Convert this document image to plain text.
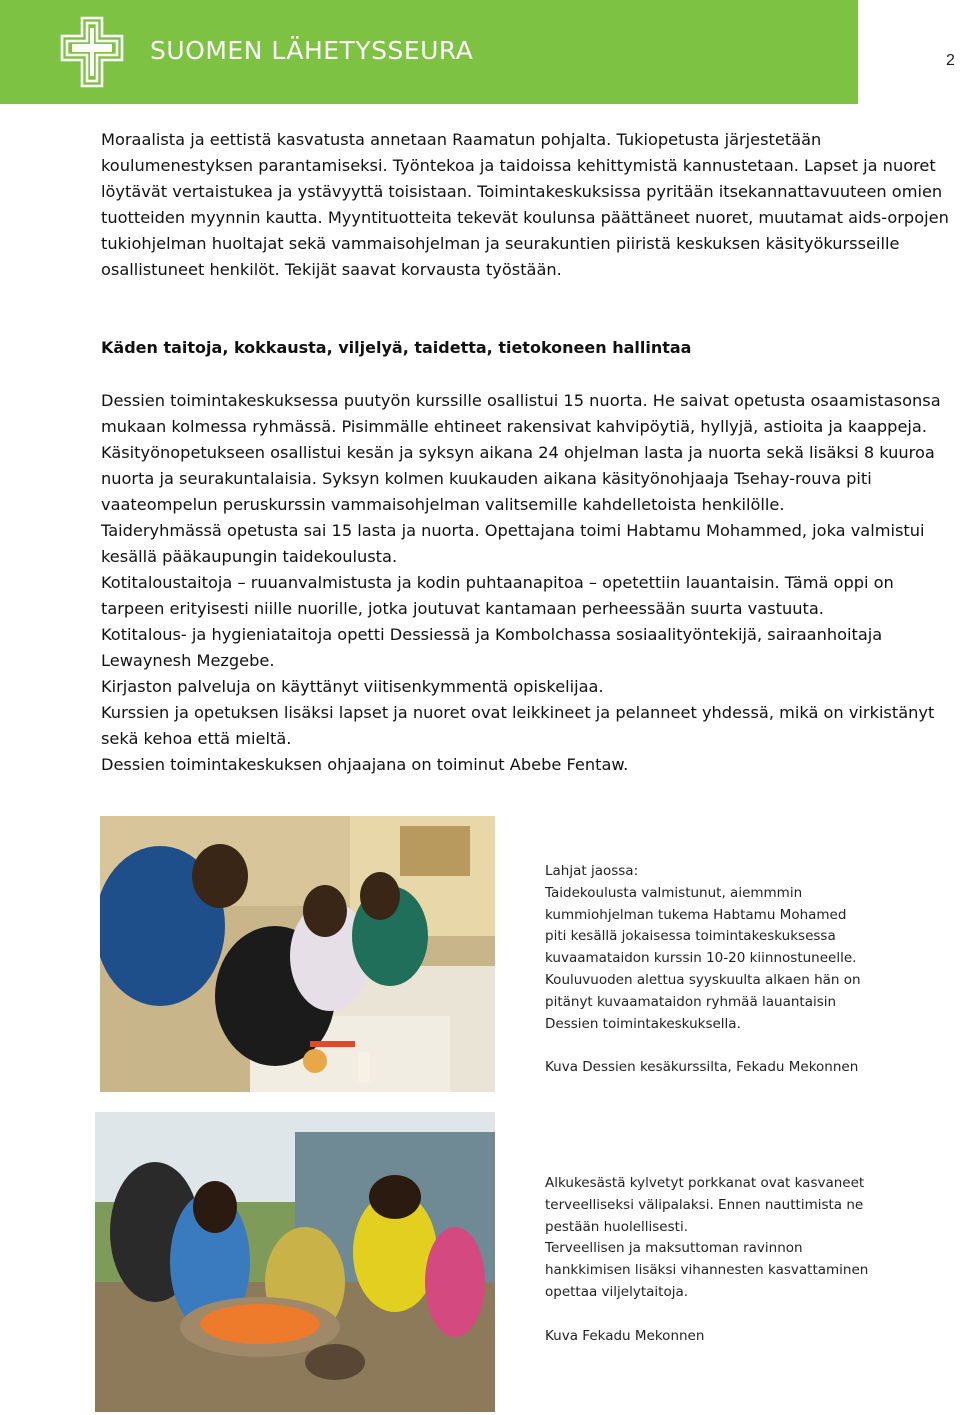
SUOMEN LÄHETYSSEURA	2
Moraalista ja eettistä kasvatusta annetaan Raamatun pohjalta. Tukiopetusta järjestetään koulumenestyksen parantamiseksi. Työntekoa ja taidoissa kehittymistä kannustetaan. Lapset ja nuoret löytävät vertaistukea ja ystävyyttä toisistaan. Toimintakeskuksissa pyritään itsekannattavuuteen omien tuotteiden myynnin kautta. Myyntituotteita tekevät koulunsa päättäneet nuoret, muutamat aids-orpojen tukiohjelman huoltajat sekä vammaisohjelman ja seurakuntien piiristä keskuksen käsityökursseille osallistuneet henkilöt. Tekijät saavat korvausta työstään.
Käden taitoja, kokkausta, viljelyä, taidetta, tietokoneen hallintaa

Dessien toimintakeskuksessa puutyön kurssille osallistui 15 nuorta. He saivat opetusta osaamistasonsa mukaan kolmessa ryhmässä. Pisimmälle ehtineet rakensivat kahvipöytiä, hyllyjä, astioita ja kaappeja.

Käsityönopetukseen osallistui kesän ja syksyn aikana 24 ohjelman lasta ja nuorta sekä lisäksi 8 kuuroa nuorta ja seurakuntalaisia. Syksyn kolmen kuukauden aikana käsityönohjaaja Tsehay-rouva piti vaateompelun peruskurssin vammaisohjelman valitsemille kahdelletoista henkilölle.

Taideryhmässä opetusta sai 15 lasta ja nuorta. Opettajana toimi Habtamu Mohammed, joka valmistui kesällä pääkaupungin taidekoulusta.

Kotitaloustaitoja – ruuanvalmistusta ja kodin puhtaanapitoa – opetettiin lauantaisin. Tämä oppi on tarpeen erityisesti niille nuorille, jotka joutuvat kantamaan perheessään suurta vastuuta.

Kotitalous- ja hygieniataitoja opetti Dessiessä ja Kombolchassa sosiaalityöntekijä, sairaanhoitaja Lewaynesh Mezgebe.

Kirjaston palveluja on käyttänyt viitisenkymmentä opiskelijaa.

Kurssien ja opetuksen lisäksi lapset ja nuoret ovat leikkineet ja pelanneet yhdessä, mikä on virkistänyt sekä kehoa että mieltä.

Dessien toimintakeskuksen ohjaajana on toiminut Abebe Fentaw.

Lahjat jaossa:

Taidekoulusta valmistunut, aiemmmin

kummiohjelman tukema Habtamu Mohamed

piti kesällä jokaisessa toimintakeskuksessa

kuvaamataidon kurssin 10-20 kiinnostuneelle.

Kouluvuoden alettua syyskuulta alkaen hän on

pitänyt kuvaamataidon ryhmää lauantaisin

Dessien toimintakeskuksella.

Kuva Dessien kesäkurssilta, Fekadu Mekonnen

Alkukesästä kylvetyt porkkanat ovat kasvaneet

terveelliseksi välipalaksi. Ennen nauttimista ne

pestään huolellisesti.

Terveellisen ja maksuttoman ravinnon

hankkimisen lisäksi vihannesten kasvattaminen

opettaa viljelytaitoja.

Kuva Fekadu Mekonnen
